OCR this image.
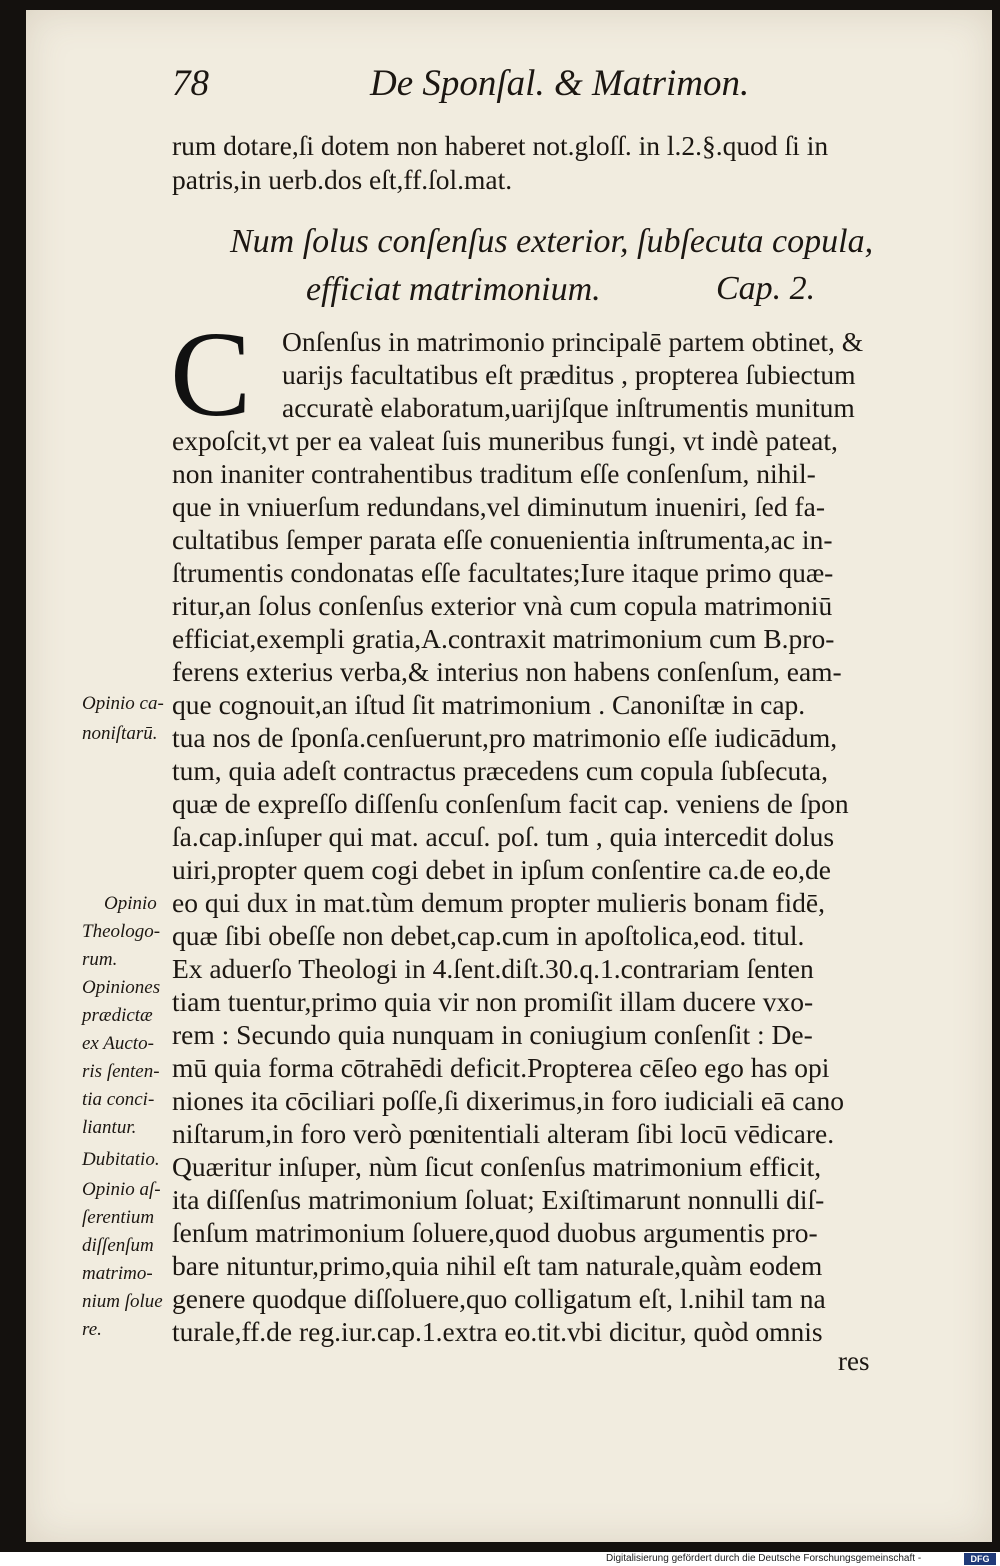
78	De Sponſal. & Matrimon.
rum dotare,ſi dotem non haberet not.gloſſ. in l.2.§.quod ſi in
patris,in uerb.dos eſt,ff.ſol.mat.
Num ſolus conſenſus exterior, ſubſecuta copula,
efficiat matrimonium.	Cap. 2.
C Onſenſus in matrimonio principalē partem obtinet, &
uarijs facultatibus eſt præditus , propterea ſubiectum
accuratè elaboratum,uarijſque inſtrumentis munitum
expoſcit,vt per ea valeat ſuis muneribus fungi, vt indè pateat,
non inaniter contrahentibus traditum eſſe conſenſum, nihil-
que in vniuerſum redundans,vel diminutum inueniri, ſed fa-
cultatibus ſemper parata eſſe conuenientia inſtrumenta,ac in-
ſtrumentis condonatas eſſe facultates;Iure itaque primo quæ-
ritur,an ſolus conſenſus exterior vnà cum copula matrimoniū
efficiat,exempli gratia,A.contraxit matrimonium cum B.pro-
ferens exterius verba,& interius non habens conſenſum, eam-
que cognouit,an iſtud ſit matrimonium . Canoniſtæ in cap.
tua nos de ſponſa.cenſuerunt,pro matrimonio eſſe iudicādum,
tum, quia adeſt contractus præcedens cum copula ſubſecuta,
quæ de expreſſo diſſenſu conſenſum facit cap. veniens de ſpon
ſa.cap.inſuper qui mat. accuſ. poſ. tum , quia intercedit dolus
uiri,propter quem cogi debet in ipſum conſentire ca.de eo,de
eo qui dux in mat.tùm demum propter mulieris bonam fidē,
quæ ſibi obeſſe non debet,cap.cum in apoſtolica,eod. titul.
Ex aduerſo Theologi in 4.ſent.diſt.30.q.1.contrariam ſenten
tiam tuentur,primo quia vir non promiſit illam ducere vxo-
rem : Secundo quia nunquam in coniugium conſenſit : De-
mū quia forma cōtrahēdi deficit.Propterea cēſeo ego has opi
niones ita cōciliari poſſe,ſi dixerimus,in foro iudiciali eā cano
niſtarum,in foro verò pœnitentiali alteram ſibi locū vēdicare.
Quæritur inſuper, nùm ſicut conſenſus matrimonium efficit,
ita diſſenſus matrimonium ſoluat; Exiſtimarunt nonnulli diſ-
ſenſum matrimonium ſoluere,quod duobus argumentis pro-
bare nituntur,primo,quia nihil eſt tam naturale,quàm eodem
genere quodque diſſoluere,quo colligatum eſt, l.nihil tam na
turale,ff.de reg.iur.cap.1.extra eo.tit.vbi dicitur, quòd omnis
Opinio ca-
noniſtarū.
Opinio
Theologo-
rum.
Opiniones
prædictæ
ex Aucto-
ris ſenten-
tia conci-
liantur.
Dubitatio.
Opinio aſ-
ſerentium
diſſenſum
matrimo-
nium ſolue
re.
res
Digitalisierung gefördert durch die Deutsche Forschungsgemeinschaft -	DFG
